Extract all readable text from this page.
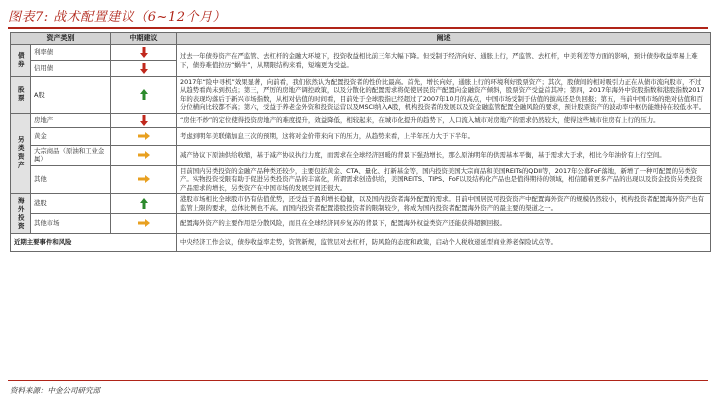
图表7: 战术配置建议（6~12个月）
资产类别		中期建议	阐述
债券	利率债		过去一年债券资产在严监管、去杠杆的金融大环境下，投资收益相比前三年大幅下降。但受制于经济向好、通胀上行，严监管、去杠杆，中美利差等方面的影响，预计债券收益率易上难下，债券难值拉历“蜗牛”，从期限结构来看，短端更为受益。
	信用债	
股票	A股		2017年“险中寻机”效果显著，向前看，我们依然认为配置投资者的性价比最高。首先，增长向好，通胀上行的环境利好股票资产；其次，股债间的相对吸引力正在从债市流向股市，不过从趋势看尚未到拐点；第三，严厉的房地产调控政策，以及分散化的配置需求将促使居民资产配置向金融资产倾斜，股票资产受益首其冲；第四，2017年海外中资股指数和港股指数2017年的表现均落后于新兴市场指数，从相对估值的时间看，目前处于全球股指已经超过了2007年10月的高点，中国市场受制于估值的拔高还是负回报；第五，当前中国市场的绝对估值和百分位横向比较都不高；第六，受益于养老金外资和投资运营以及MSCI纳入A股，机构投资者的发展以及资金融监管配置全融风险的要求，预计股票资产的波动率中枢仍能维持在较低水平。
另类资产	房地产		“房住不炒”的定位使得投资房地产的难度提升，效益降低，相较起来，在城市化提升的趋势下，人口流入城市对房地产的需求仍然较大，使得这些城市住房有上行的压力。
	黄金		考虑到明年美联储加息三次的预期，这将对金价带来向下的压力，从趋势来看，上半年压力大于下半年。
	大宗商品（原油和工业金属）		减产协议下原油供给收缩，基于减产协议执行力度，而需求在全球经济回暖的背景下强劲增长，那么原油明年的供需基本平衡，基于需求大于求，相比今年油价有上行空间。
	其他		目前国内另类投资的金融产品种类还较少，主要包括黄金、CTA、量化、打新基金等，国内投资美国大宗商品和美国REITs的QDII等，2017年公募FoF落地，新增了一种可配置的另类资产。实物投资受限有助于促进另类投资产品的丰富化，所谓需求创造供给，美国REITS、TIPS、FoF以及结构化产品也是值得期待的领域，相信随着更多产品的出现以及资金投资另类投资产品需求的增长，另类资产在中国市场的发展空间还很大。
海外投资	港股		港股市场相比全球股市仍有估值优势，还受益于盈利增长稳健，以及国内投资者海外配置的需求。目前中国居民可投资资产中配置海外资产的规模仍然较小，机构投资者配置海外资产也有监管上限的要求，总体比例也不高。而国内投资者配置港股投资者的限制较少，将成为国内投资者配置海外资产的最主要的渠道之一。
	其他市场		配置海外资产的主要作用是分散风险，而且在全球经济同步复苏的背景下，配置海外权益类资产还能获得超额回报。
近期主要事件和风险			中央经济工作会议，债券收益率走势，资管新规，监管层对去杠杆，防风险的态度和政策，启动个人税收递延型商业养老保险试点等。
资料来源：中金公司研究部
